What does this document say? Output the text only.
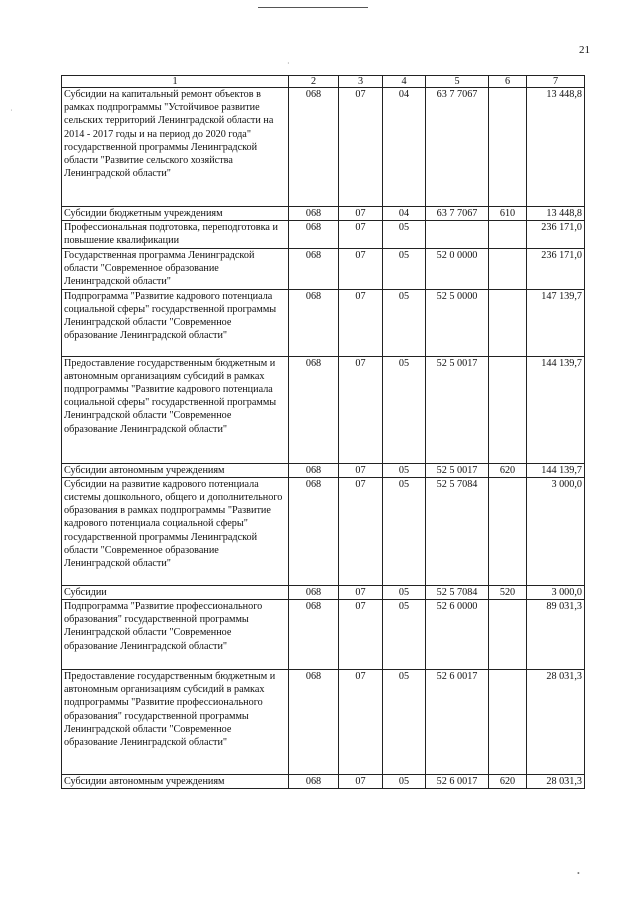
21
˙
·
•
1	2	3	4	5	6	7
Субсидии на капитальный ремонт объектов в рамках подпрограммы "Устойчивое развитие сельских территорий Ленинградской области на 2014 - 2017 годы и на период до 2020 года" государственной программы Ленинградской области "Развитие сельского хозяйства Ленинградской области"	068	07	04	63 7 7067		13 448,8
Субсидии бюджетным учреждениям	068	07	04	63 7 7067	610	13 448,8
Профессиональная подготовка, переподготовка и повышение квалификации	068	07	05			236 171,0
Государственная программа Ленинградской области "Современное образование Ленинградской области"	068	07	05	52 0 0000		236 171,0
Подпрограмма "Развитие кадрового потенциала социальной сферы" государственной программы Ленинградской области "Современное образование Ленинградской области"	068	07	05	52 5 0000		147 139,7
Предоставление государственным бюджетным и автономным организациям субсидий в рамках подпрограммы "Развитие кадрового потенциала социальной сферы" государственной программы Ленинградской области "Современное образование Ленинградской области"	068	07	05	52 5 0017		144 139,7
Субсидии автономным учреждениям	068	07	05	52 5 0017	620	144 139,7
Субсидии на развитие кадрового потенциала системы дошкольного, общего и дополнительного образования в рамках подпрограммы "Развитие кадрового потенциала социальной сферы" государственной программы Ленинградской области "Современное образование Ленинградской области"	068	07	05	52 5 7084		3 000,0
Субсидии	068	07	05	52 5 7084	520	3 000,0
Подпрограмма "Развитие профессионального образования" государственной программы Ленинградской области "Современное образование Ленинградской области"	068	07	05	52 6 0000		89 031,3
Предоставление государственным бюджетным и автономным организациям субсидий в рамках подпрограммы "Развитие профессионального образования" государственной программы Ленинградской области "Современное образование Ленинградской области"	068	07	05	52 6 0017		28 031,3
Субсидии автономным учреждениям	068	07	05	52 6 0017	620	28 031,3
